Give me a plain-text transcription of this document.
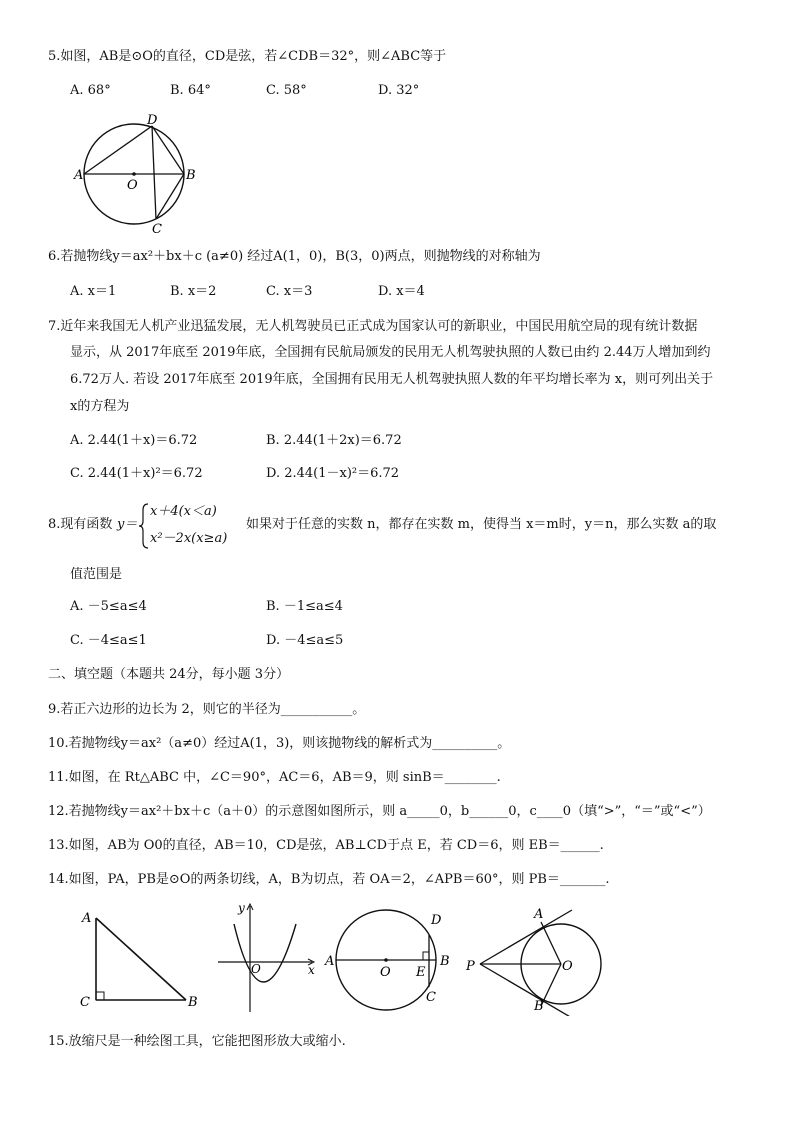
5.如图，AB是⊙O的直径，CD是弦，若∠CDB＝32°，则∠ABC等于
A. 68°	B. 64°	C. 58°	D. 32°
D
A
O
B
C
6.若抛物线y＝ax²＋bx＋c (a≠0) 经过A(1，0)，B(3，0)两点，则抛物线的对称轴为
A. x＝1	B. x＝2	C. x＝3	D. x＝4
7.近年来我国无人机产业迅猛发展，无人机驾驶员已正式成为国家认可的新职业，中国民用航空局的现有统计数据
显示，从 2017年底至 2019年底，全国拥有民航局颁发的民用无人机驾驶执照的人数已由约 2.44万人增加到约
6.72万人. 若设 2017年底至 2019年底，全国拥有民用无人机驾驶执照人数的年平均增长率为 x，则可列出关于
x的方程为
A. 2.44(1＋x)＝6.72	B. 2.44(1＋2x)＝6.72
C. 2.44(1＋x)²＝6.72	D. 2.44(1－x)²＝6.72
8.现有函数 y＝
x＋4(x＜a)
x²－2x(x≥a)
如果对于任意的实数 n，都存在实数 m，使得当 x＝m时，y＝n，那么实数 a的取
值范围是
A. －5≤a≤4	B. －1≤a≤4
C. －4≤a≤1	D. －4≤a≤5
二、填空题（本题共 24分，每小题 3分）
9.若正六边形的边长为 2，则它的半径为___________。
10.若抛物线y＝ax²（a≠0）经过A(1，3)，则该抛物线的解析式为__________。
11.如图，在 Rt△ABC 中，∠C＝90°，AC＝6，AB＝9，则 sinB＝________.
12.若抛物线y＝ax²＋bx＋c（a＋0）的示意图如图所示，则 a_____0，b______0，c____0（填“>”，“＝”或“<”）
13.如图，AB为 O0的直径，AB＝10，CD是弦，AB⊥CD于点 E，若 CD＝6，则 EB＝______.
14.如图，PA，PB是⊙O的两条切线，A，B为切点，若 OA＝2，∠APB＝60°，则 PB＝_______.
A
C	B
y
O	x
A
O E
B
D
C
A
P	O
B
15.放缩尺是一种绘图工具，它能把图形放大或缩小.
